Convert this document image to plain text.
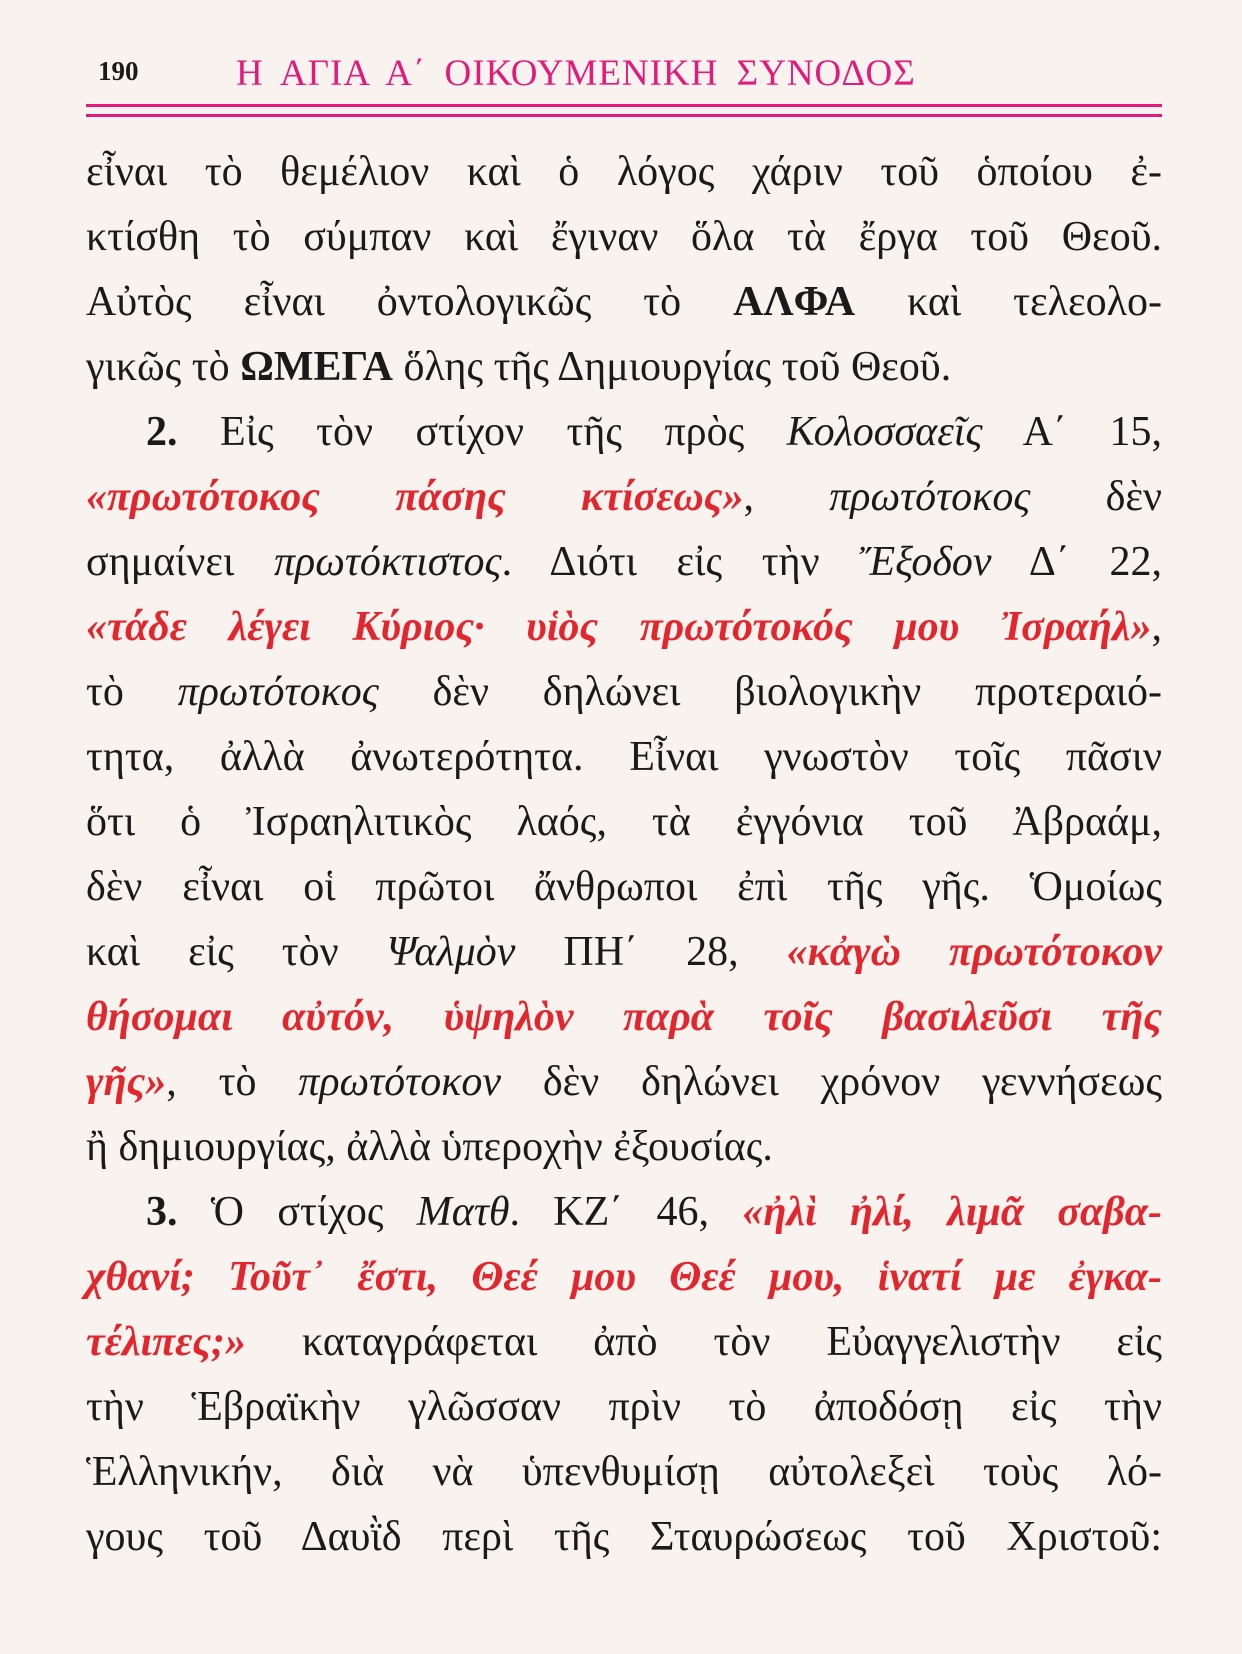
190	Η ΑΓΙΑ Α΄ ΟΙΚΟΥΜΕΝΙΚΗ ΣΥΝΟΔΟΣ
εἶναι τὸ θεμέλιον καὶ ὁ λόγος χάριν τοῦ ὁποίου ἐ-
κτίσθη τὸ σύμπαν καὶ ἔγιναν ὅλα τὰ ἔργα τοῦ Θεοῦ.
Αὐτὸς εἶναι ὀντολογικῶς τὸ ΑΛΦΑ καὶ τελεολο-
γικῶς τὸ ΩΜΕΓΑ ὅλης τῆς Δημιουργίας τοῦ Θεοῦ.
2. Εἰς τὸν στίχον τῆς πρὸς Κολοσσαεῖς Α΄ 15,
«πρωτότοκος πάσης κτίσεως», πρωτότοκος δὲν
σημαίνει πρωτόκτιστος. Διότι εἰς τὴν Ἔξοδον Δ΄ 22,
«τάδε λέγει Κύριος· υἱὸς πρωτότοκός μου Ἰσραήλ»,
τὸ πρωτότοκος δὲν δηλώνει βιολογικὴν προτεραιό-
τητα, ἀλλὰ ἀνωτερότητα. Εἶναι γνωστὸν τοῖς πᾶσιν
ὅτι ὁ Ἰσραηλιτικὸς λαός, τὰ ἐγγόνια τοῦ Ἀβραάμ,
δὲν εἶναι οἱ πρῶτοι ἄνθρωποι ἐπὶ τῆς γῆς. Ὁμοίως
καὶ εἰς τὸν Ψαλμὸν ΠΗ΄ 28, «κἀγὼ πρωτότοκον
θήσομαι αὐτόν, ὑψηλὸν παρὰ τοῖς βασιλεῦσι τῆς
γῆς», τὸ πρωτότοκον δὲν δηλώνει χρόνον γεννήσεως
ἢ δημιουργίας, ἀλλὰ ὑπεροχὴν ἐξουσίας.
3. Ὁ στίχος Ματθ. ΚΖ΄ 46, «ἠλὶ ἠλί, λιμᾶ σαβα-
χθανί; Τοῦτ᾽ ἔστι, Θεέ μου Θεέ μου, ἱνατί με ἐγκα-
τέλιπες;» καταγράφεται ἀπὸ τὸν Εὐαγγελιστὴν εἰς
τὴν Ἑβραϊκὴν γλῶσσαν πρὶν τὸ ἀποδόσῃ εἰς τὴν
Ἑλληνικήν, διὰ νὰ ὑπενθυμίσῃ αὐτολεξεὶ τοὺς λό-
γους τοῦ Δαυῒδ περὶ τῆς Σταυρώσεως τοῦ Χριστοῦ:
